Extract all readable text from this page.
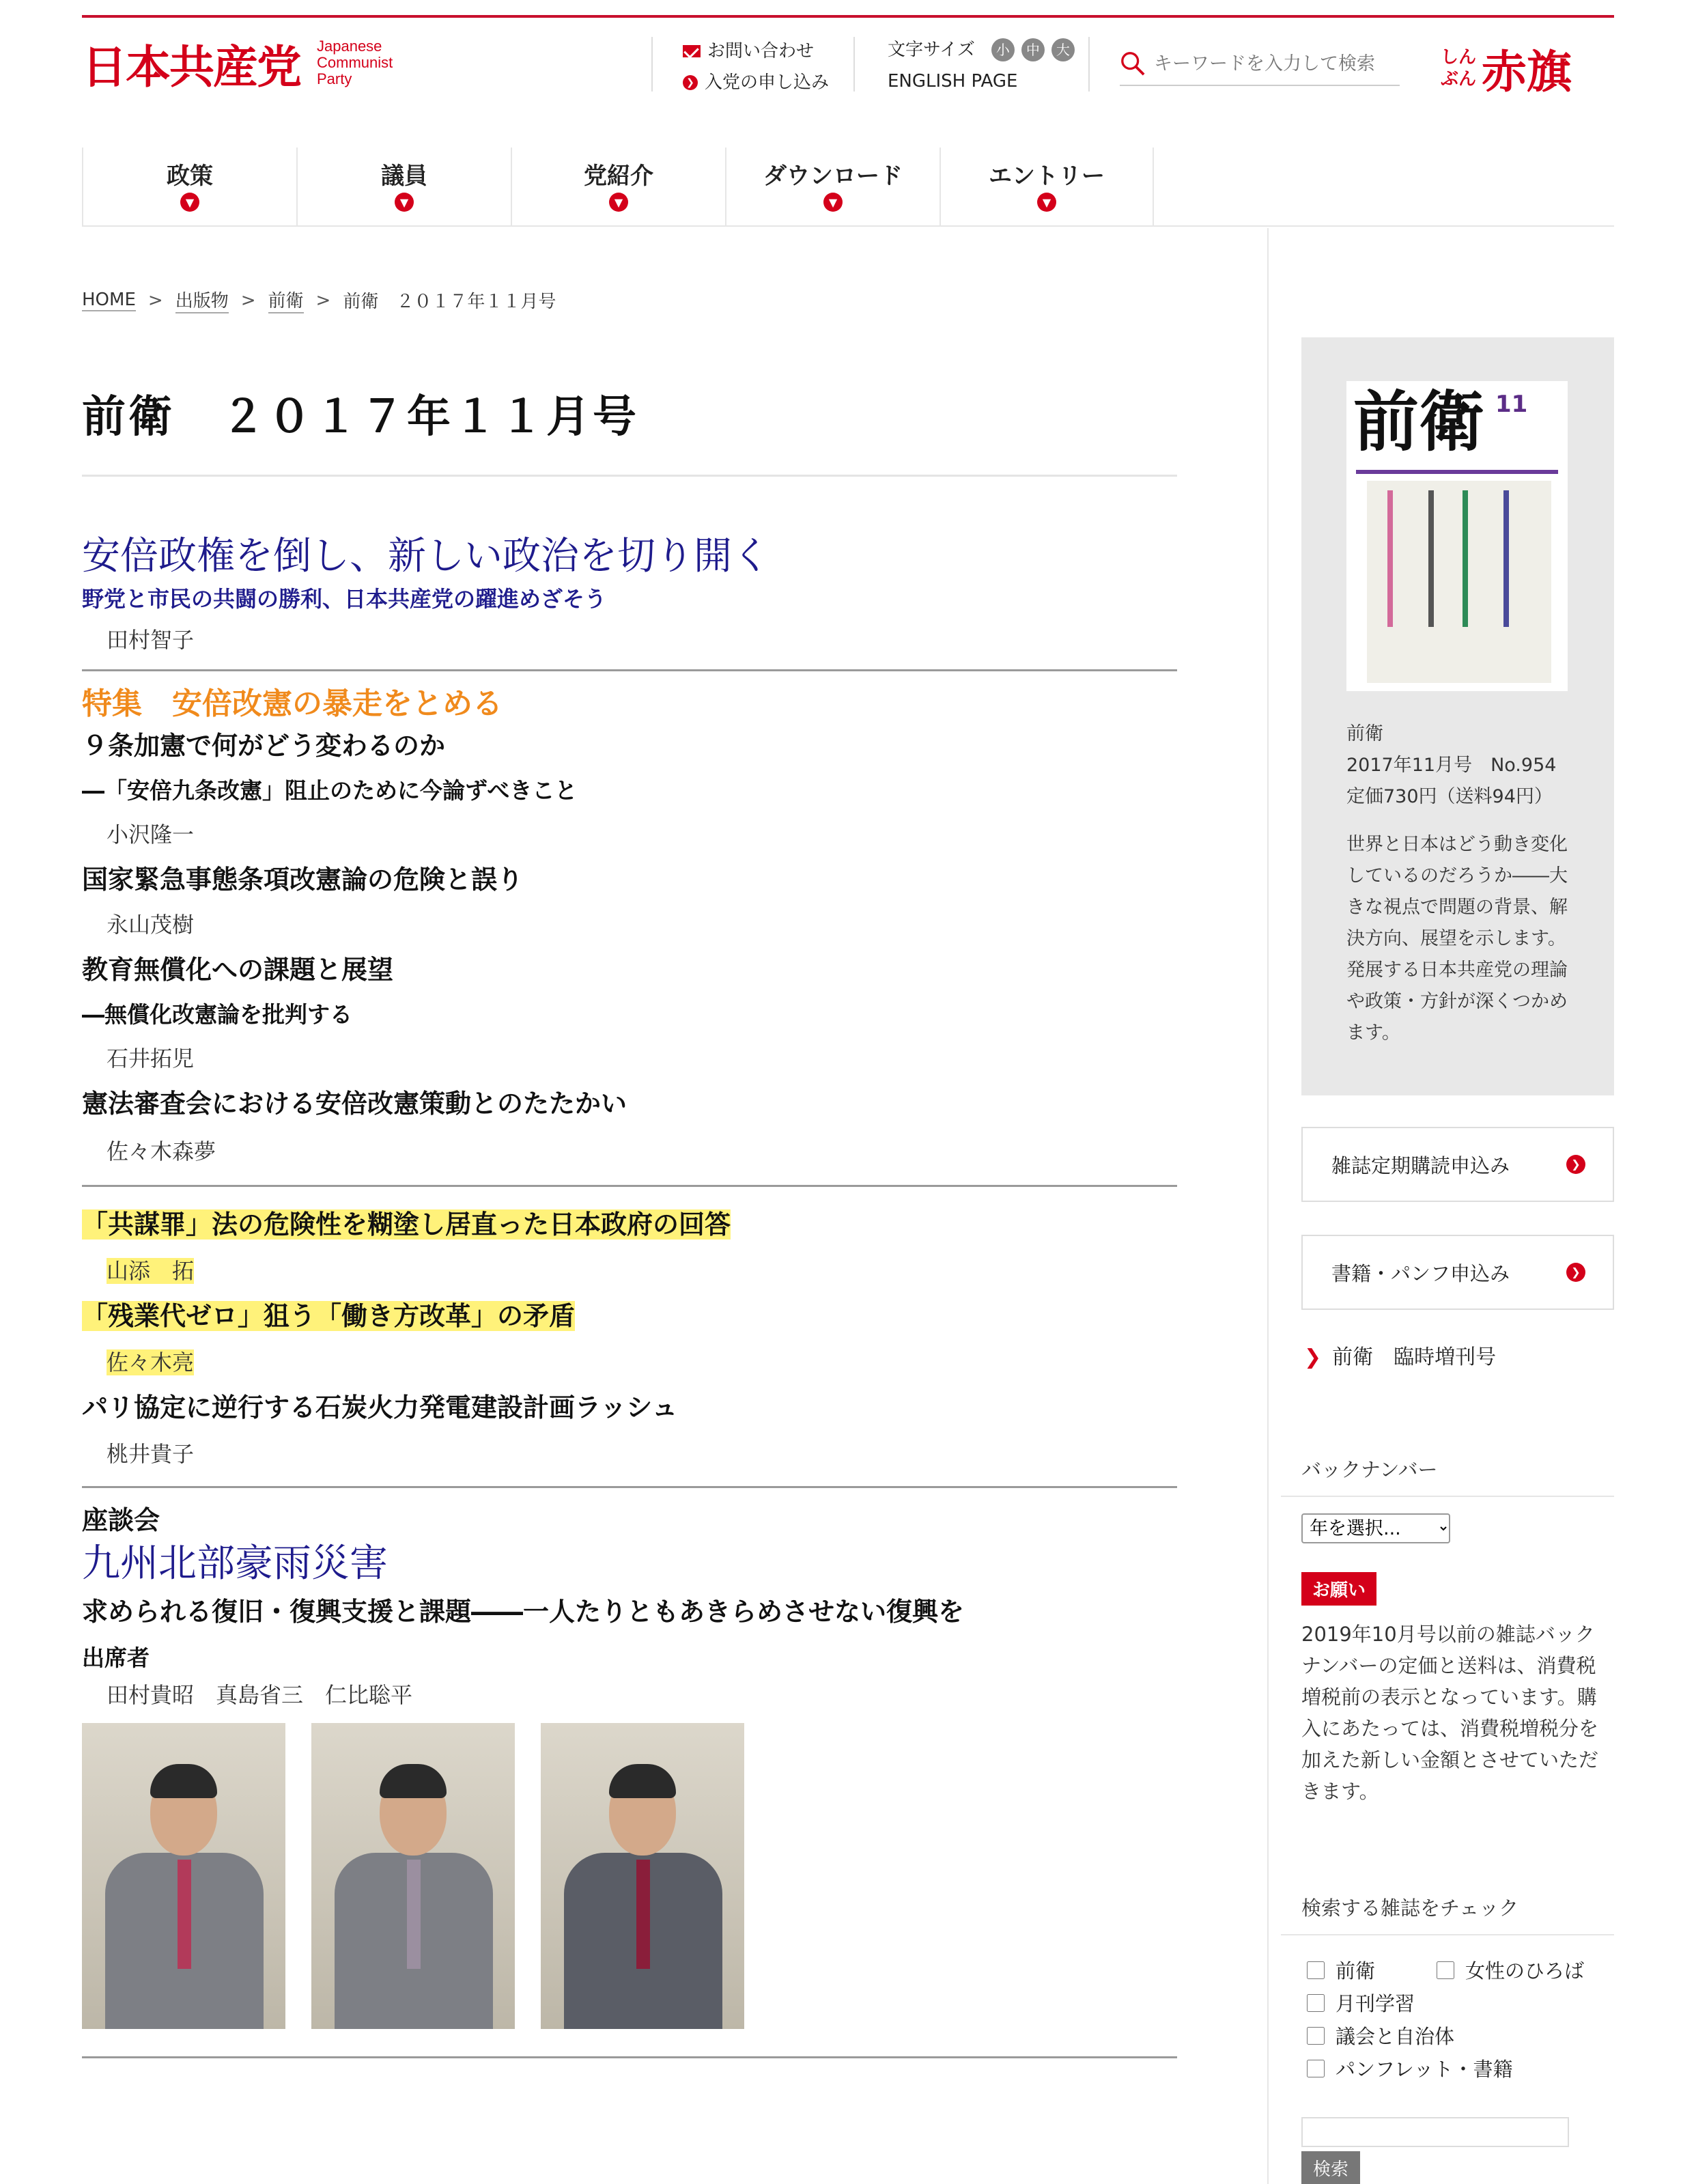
日本共産党 Japanese
Communist
Party
お問い合わせ
❯ 入党の申し込み
文字サイズ	小	中	大
ENGLISH PAGE
キーワードを入力して検索
しんぶん 赤旗
政策
▼
議員
▼
党紹介
▼
ダウンロード
▼
エントリー
▼
HOME > 出版物 > 前衛 > 前衛　２０１７年１１月号
前衛　２０１７年１１月号
安倍政権を倒し、新しい政治を切り開く
野党と市民の共闘の勝利、日本共産党の躍進めざそう
田村智子
特集　安倍改憲の暴走をとめる
９条加憲で何がどう変わるのか
―「安倍九条改憲」阻止のために今論ずべきこと
小沢隆一
国家緊急事態条項改憲論の危険と誤り
永山茂樹
教育無償化への課題と展望
―無償化改憲論を批判する
石井拓児
憲法審査会における安倍改憲策動とのたたかい
佐々木森夢
「共謀罪」法の危険性を糊塗し居直った日本政府の回答
山添　拓
「残業代ゼロ」狙う「働き方改革」の矛盾
佐々木亮
パリ協定に逆行する石炭火力発電建設計画ラッシュ
桃井貴子
座談会
九州北部豪雨災害
求められる復旧・復興支援と課題――一人たりともあきらめさせない復興を
出席者
田村貴昭　真島省三　仁比聡平
前衛 11
前衛
2017年11月号　No.954
定価730円（送料94円）
世界と日本はどう動き変化しているのだろうか――大きな視点で問題の背景、解決方向、展望を示します。発展する日本共産党の理論や政策・方針が深くつかめます。
雑誌定期購読申込み	❯
書籍・パンフ申込み	❯
❯ 前衛　臨時増刊号
バックナンバー
年を選択...
お願い
2019年10月号以前の雑誌バックナンバーの定価と送料は、消費税増税前の表示となっています。購入にあたっては、消費税増税分を加えた新しい金額とさせていただきます。
検索する雑誌をチェック
前衛	女性のひろば
月刊学習
議会と自治体
パンフレット・書籍
検索
